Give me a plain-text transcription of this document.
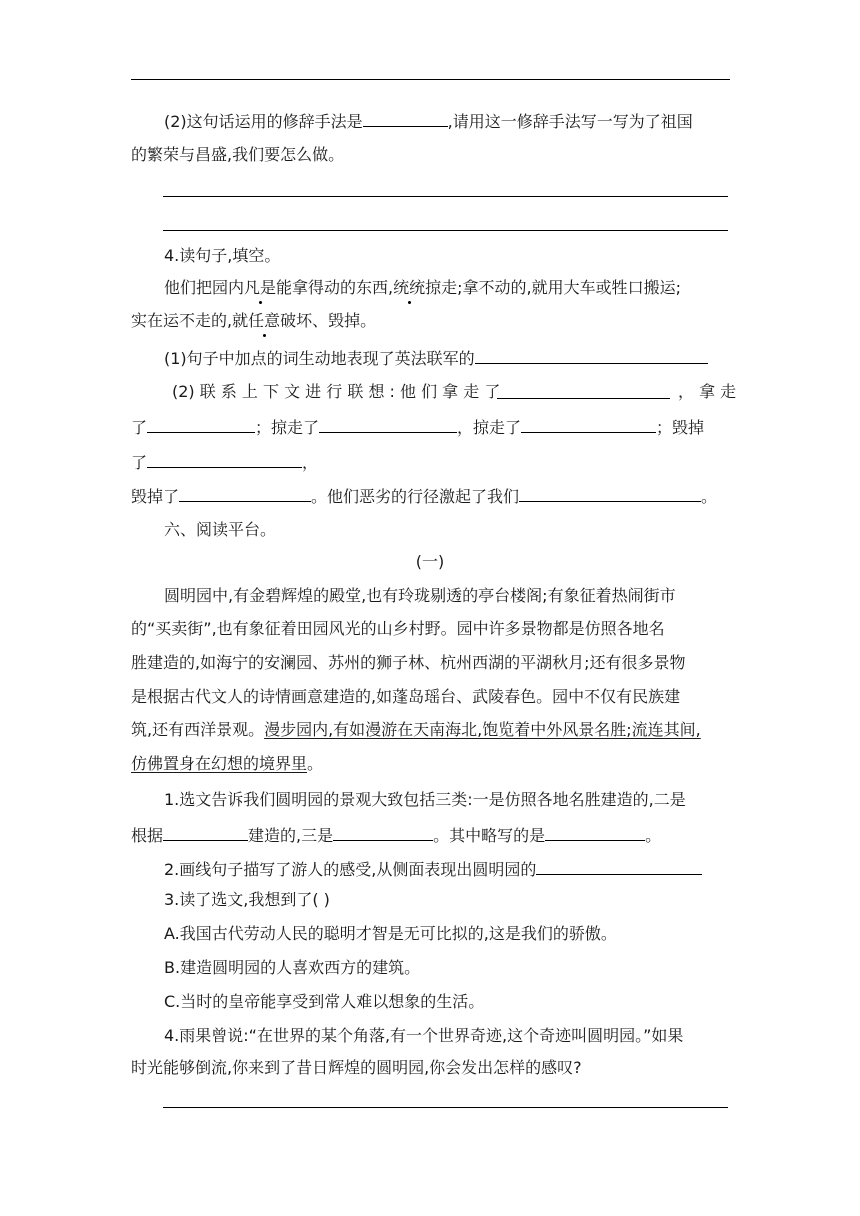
(2)这句话运用的修辞手法是	,请用这一修辞手法写一写为了祖国
的繁荣与昌盛,我们要怎么做。
4.读句子,填空。
他们把园内凡是能拿得动的东西,统统掠走;拿不动的,就用大车或牲口搬运;
实在运不走的,就任意破坏、毁掉。
(1)句子中加点的词生动地表现了英法联军的
(2) 联 系 上 下 文 进 行 联 想 : 他 们 拿 走 了	， 拿 走
了	；掠走了	，掠走了	；毁掉
了	，
毁掉了	。他们恶劣的行径激起了我们	。
六、阅读平台。
(一)
圆明园中,有金碧辉煌的殿堂,也有玲珑剔透的亭台楼阁;有象征着热闹街市
的“买卖街”,也有象征着田园风光的山乡村野。园中许多景物都是仿照各地名
胜建造的,如海宁的安澜园、苏州的狮子林、杭州西湖的平湖秋月;还有很多景物
是根据古代文人的诗情画意建造的,如蓬岛瑶台、武陵春色。园中不仅有民族建
筑,还有西洋景观。漫步园内,有如漫游在天南海北,饱览着中外风景名胜;流连其间,
仿佛置身在幻想的境界里。
1.选文告诉我们圆明园的景观大致包括三类:一是仿照各地名胜建造的,二是
根据	建造的,三是	。其中略写的是	。
2.画线句子描写了游人的感受,从侧面表现出圆明园的
3.读了选文,我想到了( )
A.我国古代劳动人民的聪明才智是无可比拟的,这是我们的骄傲。
B.建造圆明园的人喜欢西方的建筑。
C.当时的皇帝能享受到常人难以想象的生活。
4.雨果曾说:“在世界的某个角落,有一个世界奇迹,这个奇迹叫圆明园。”如果
时光能够倒流,你来到了昔日辉煌的圆明园,你会发出怎样的感叹?
